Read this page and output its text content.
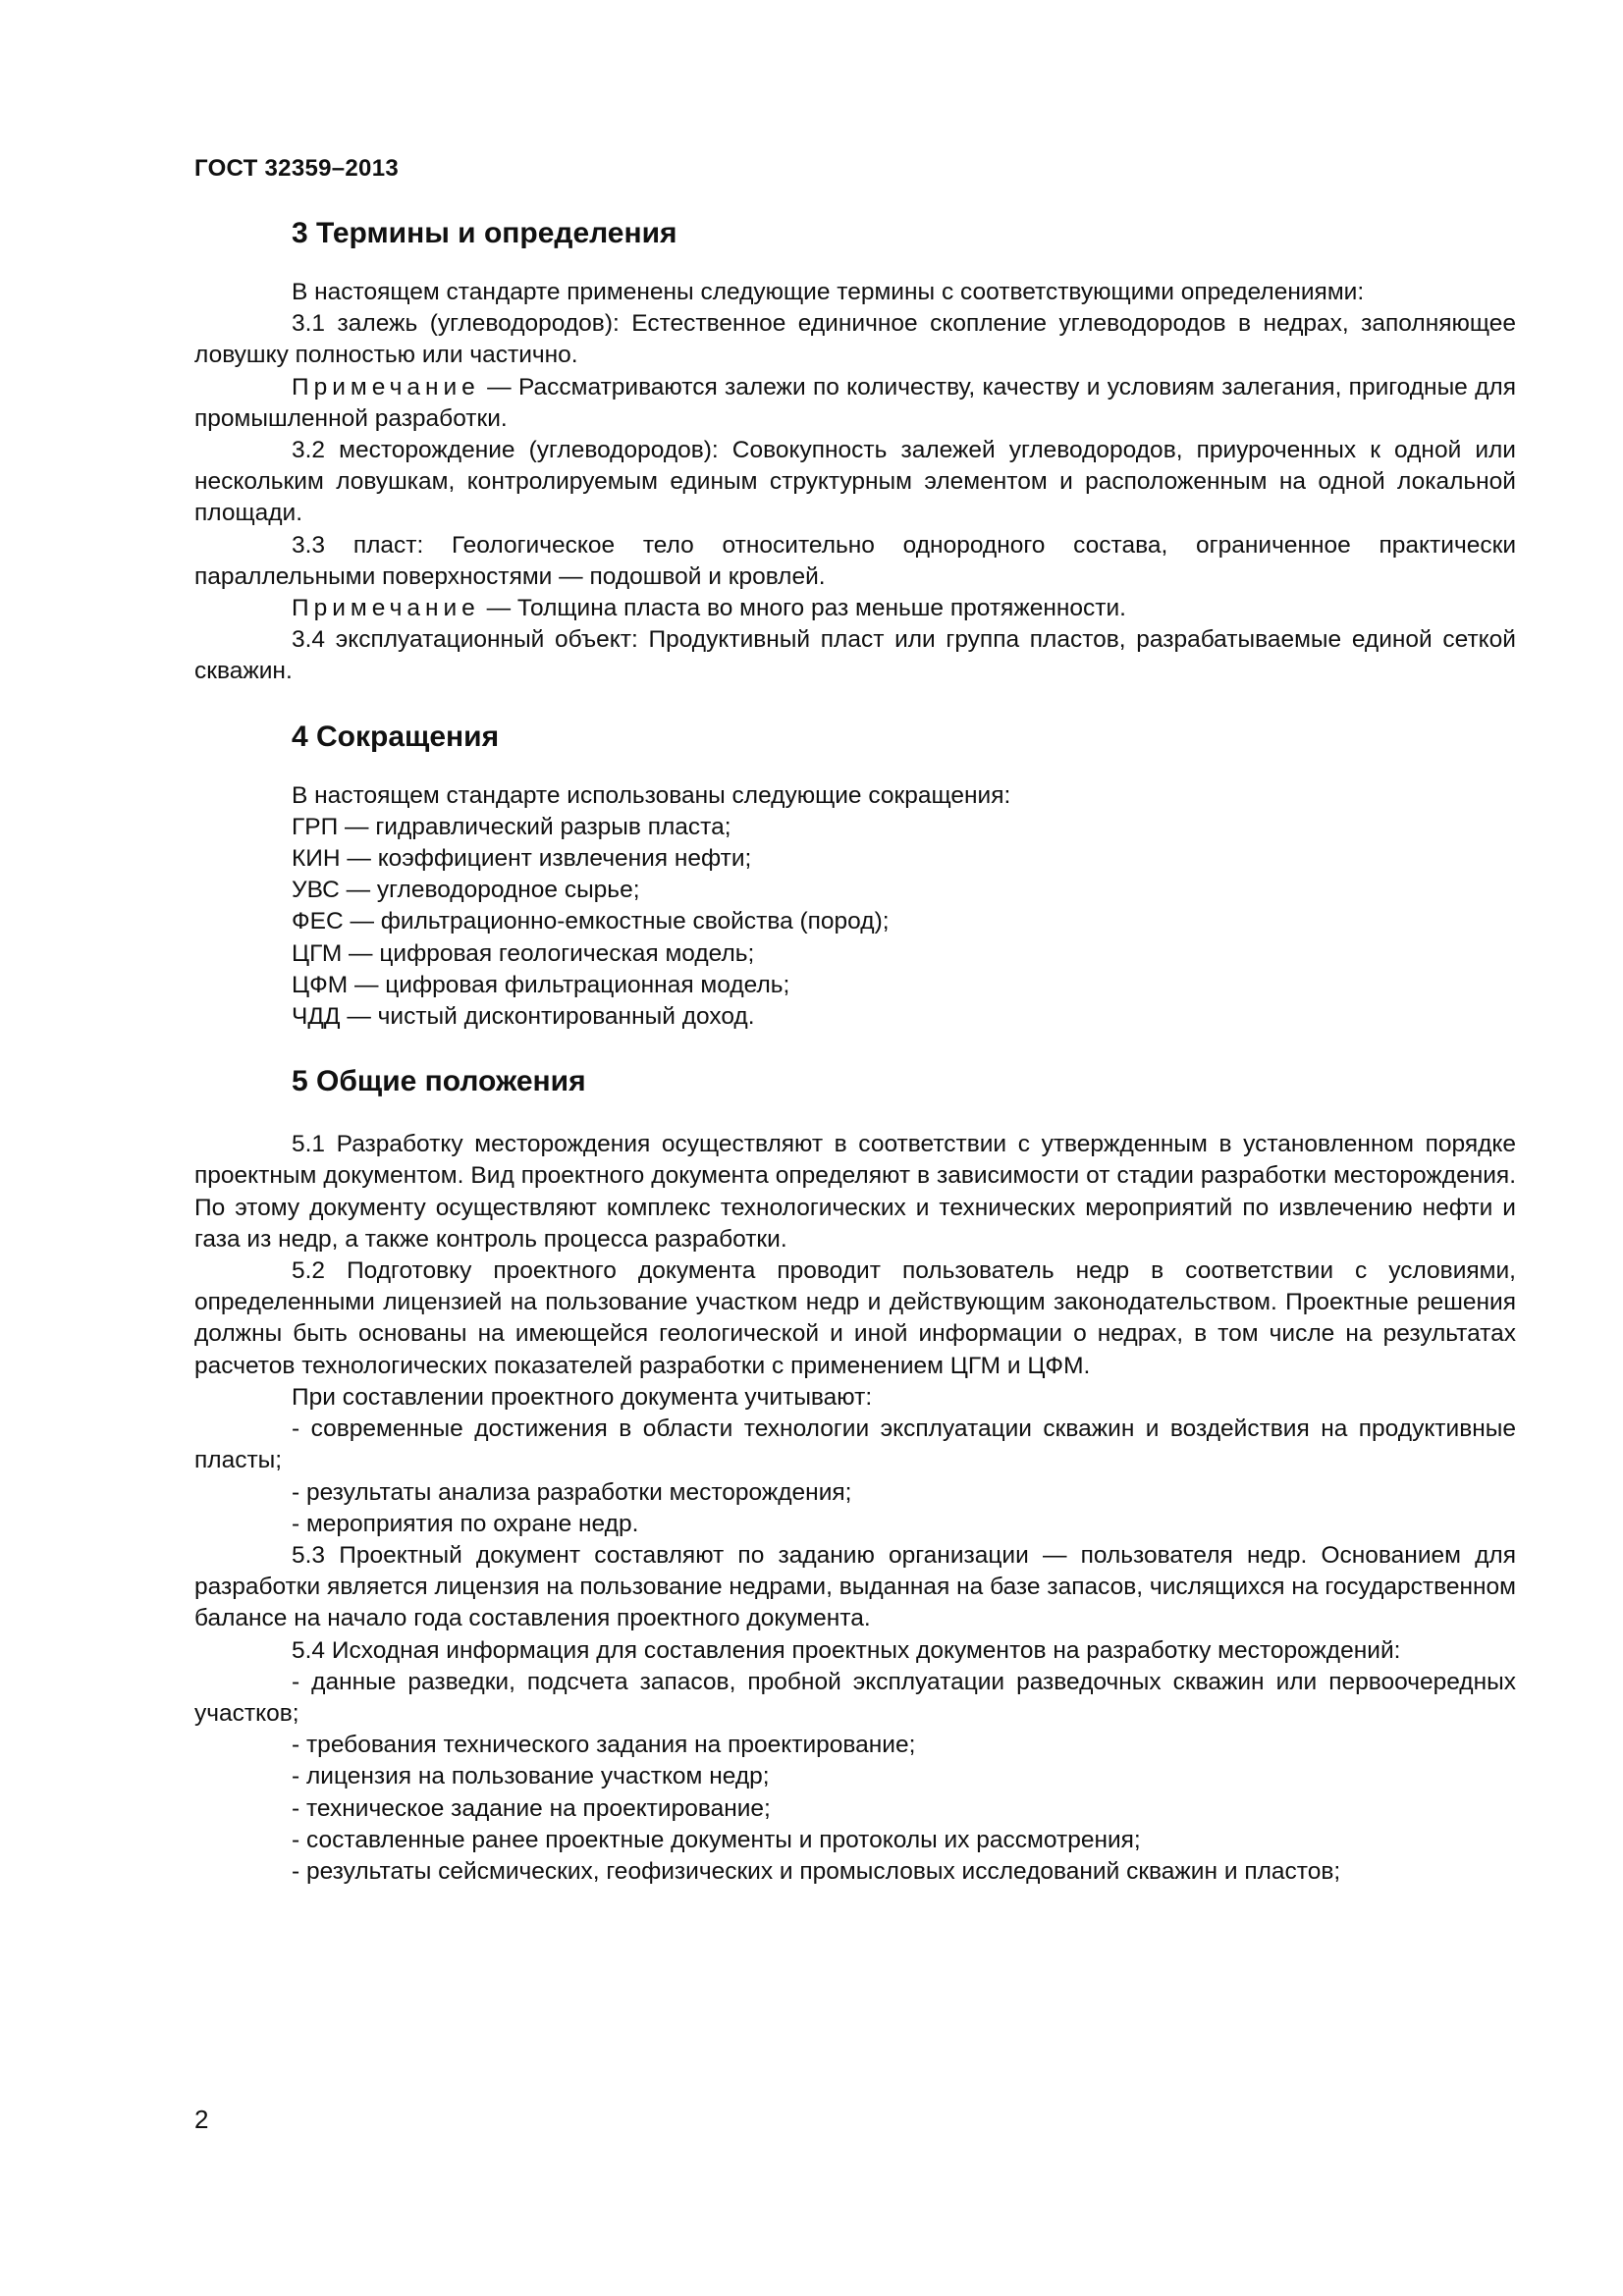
ГОСТ 32359–2013
3 Термины и определения

В настоящем стандарте применены следующие термины с соответствующими определениями:

3.1 залежь (углеводородов): Естественное единичное скопление углеводородов в недрах, заполняющее ловушку полностью или частично.

Примечание — Рассматриваются залежи по количеству, качеству и условиям залегания, пригодные для промышленной разработки.

3.2 месторождение (углеводородов): Совокупность залежей углеводородов, приуроченных к одной или нескольким ловушкам, контролируемым единым структурным элементом и расположенным на одной локальной площади.

3.3 пласт: Геологическое тело относительно однородного состава, ограниченное практически параллельными поверхностями — подошвой и кровлей.

Примечание — Толщина пласта во много раз меньше протяженности.

3.4 эксплуатационный объект: Продуктивный пласт или группа пластов, разрабатываемые единой сеткой скважин.

4 Сокращения
В настоящем стандарте использованы следующие сокращения:
ГРП — гидравлический разрыв пласта;
КИН — коэффициент извлечения нефти;
УВС — углеводородное сырье;
ФЕС — фильтрационно-емкостные свойства (пород);
ЦГМ — цифровая геологическая модель;
ЦФМ — цифровая фильтрационная модель;
ЧДД — чистый дисконтированный доход.
5 Общие положения

5.1 Разработку месторождения осуществляют в соответствии с утвержденным в установленном порядке проектным документом. Вид проектного документа определяют в зависимости от стадии разработки месторождения. По этому документу осуществляют комплекс технологических и технических мероприятий по извлечению нефти и газа из недр, а также контроль процесса разработки.

5.2 Подготовку проектного документа проводит пользователь недр в соответствии с условиями, определенными лицензией на пользование участком недр и действующим законодательством. Проектные решения должны быть основаны на имеющейся геологической и иной информации о недрах, в том числе на результатах расчетов технологических показателей разработки с применением ЦГМ и ЦФМ.

При составлении проектного документа учитывают:

- современные достижения в области технологии эксплуатации скважин и воздействия на продуктивные пласты;

- результаты анализа разработки месторождения;

- мероприятия по охране недр.

5.3 Проектный документ составляют по заданию организации — пользователя недр. Основанием для разработки является лицензия на пользование недрами, выданная на базе запасов, числящихся на государственном балансе на начало года составления проектного документа.

5.4 Исходная информация для составления проектных документов на разработку месторождений:

- данные разведки, подсчета запасов, пробной эксплуатации разведочных скважин или первоочередных участков;

- требования технического задания на проектирование;

- лицензия на пользование участком недр;

- техническое задание на проектирование;

- составленные ранее проектные документы и протоколы их рассмотрения;

- результаты сейсмических, геофизических и промысловых исследований скважин и пластов;

2
